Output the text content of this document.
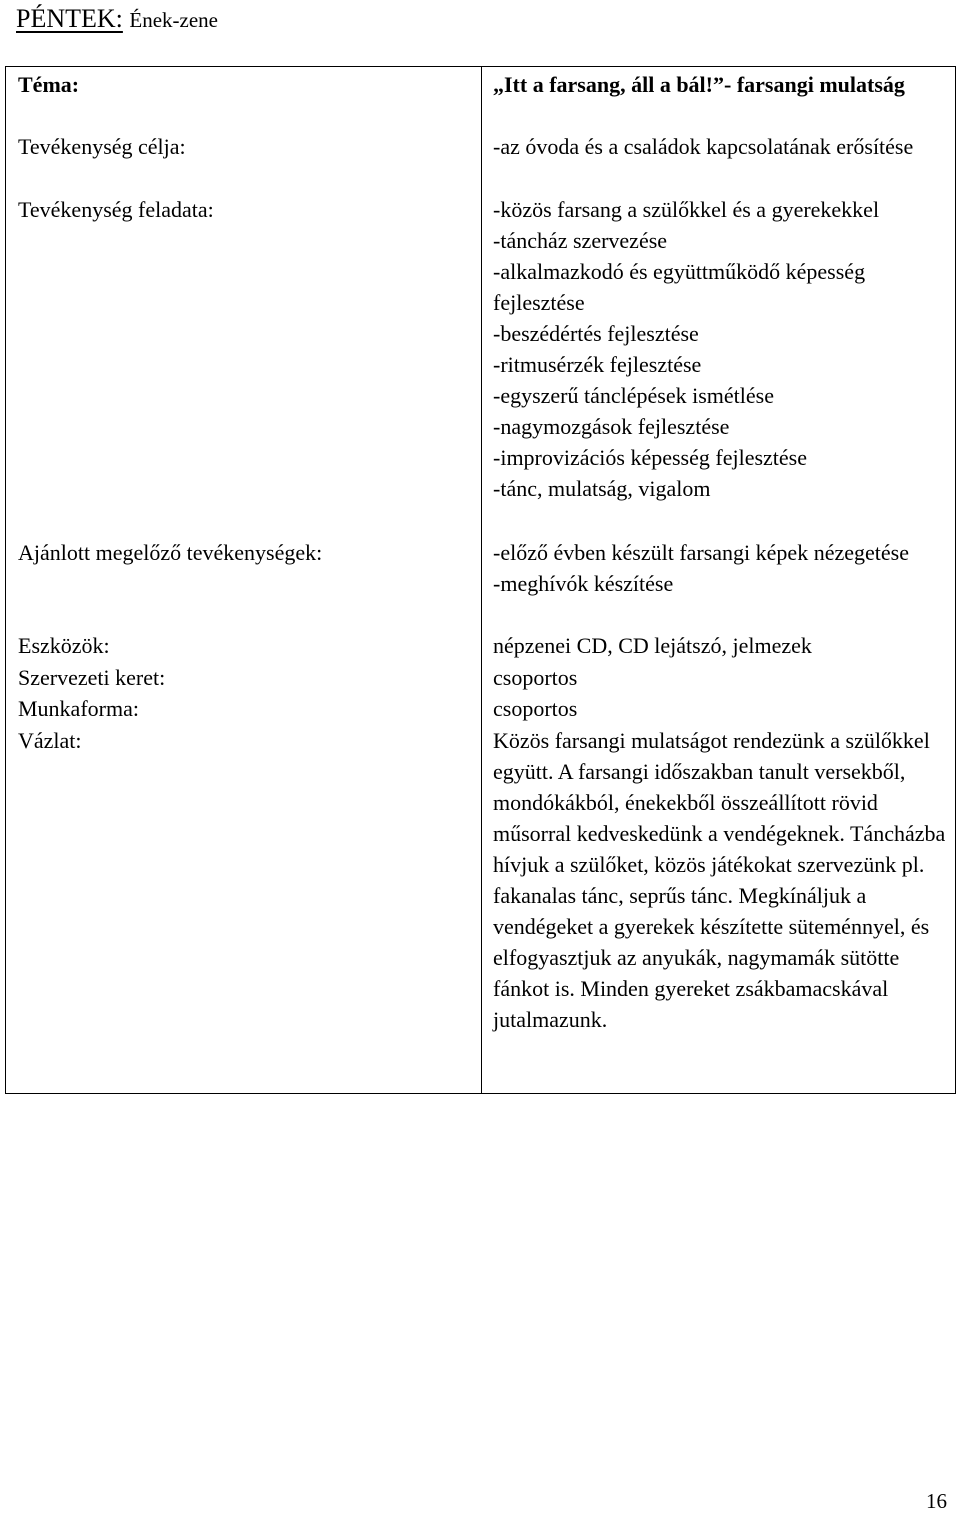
PÉNTEK: Ének-zene

Téma:	„Itt a farsang, áll a bál!”- farsangi mulatság

Tevékenység célja:	-az óvoda és a családok kapcsolatának erősítése

Tevékenység feladata:	-közös farsang a szülőkkel és a gyerekekkel
-táncház szervezése
-alkalmazkodó és együttműködő képesség fejlesztése
-beszédértés fejlesztése
-ritmusérzék fejlesztése
-egyszerű tánclépések ismétlése
-nagymozgások fejlesztése
-improvizációs képesség fejlesztése
-tánc, mulatság, vigalom

Ajánlott megelőző tevékenységek:	-előző évben készült farsangi képek nézegetése
-meghívók készítése

Eszközök:	népzenei CD, CD lejátszó, jelmezek

Szervezeti keret:	csoportos

Munkaforma:	csoportos

Vázlat:	Közös farsangi mulatságot rendezünk a szülőkkel együtt. A farsangi időszakban tanult versekből, mondókákból, énekekből összeállított rövid műsorral kedveskedünk a vendégeknek. Táncházba hívjuk a szülőket, közös játékokat szervezünk pl. fakanalas tánc, seprűs tánc. Megkínáljuk a vendégeket a gyerekek készítette süteménnyel, és elfogyasztjuk az anyukák, nagymamák sütötte fánkot is. Minden gyereket zsákbamacskával jutalmazunk.

16
